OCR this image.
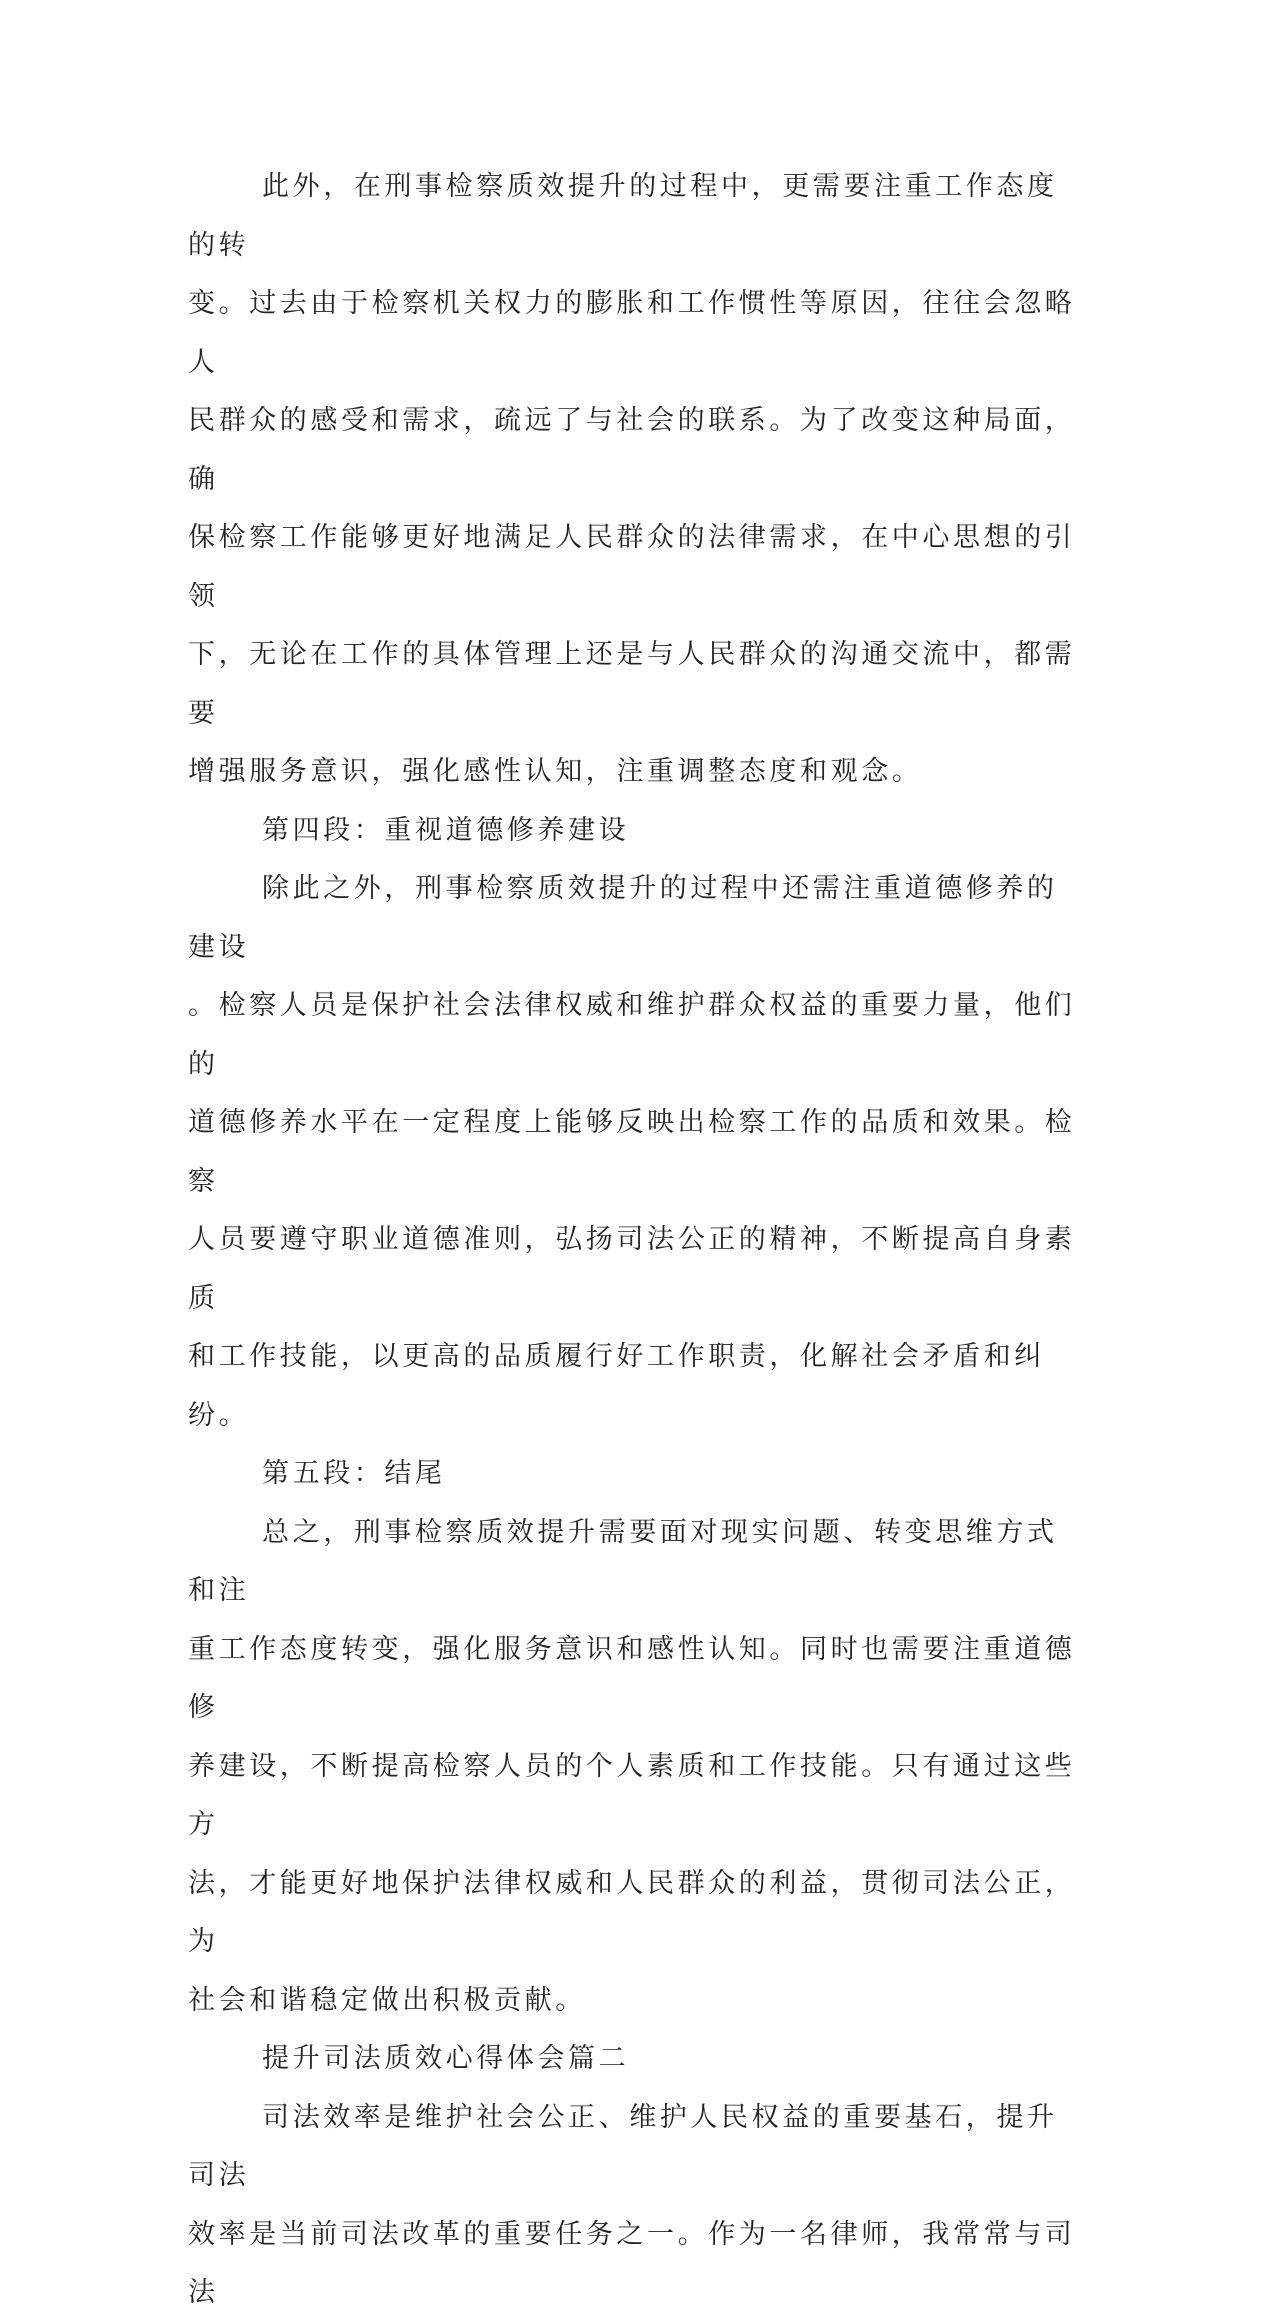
此外，在刑事检察质效提升的过程中，更需要注重工作态度的转
变。过去由于检察机关权力的膨胀和工作惯性等原因，往往会忽略人
民群众的感受和需求，疏远了与社会的联系。为了改变这种局面，确
保检察工作能够更好地满足人民群众的法律需求，在中心思想的引领
下，无论在工作的具体管理上还是与人民群众的沟通交流中，都需要
增强服务意识，强化感性认知，注重调整态度和观念。

第四段：重视道德修养建设

除此之外，刑事检察质效提升的过程中还需注重道德修养的建设
。检察人员是保护社会法律权威和维护群众权益的重要力量，他们的
道德修养水平在一定程度上能够反映出检察工作的品质和效果。检察
人员要遵守职业道德准则，弘扬司法公正的精神，不断提高自身素质
和工作技能，以更高的品质履行好工作职责，化解社会矛盾和纠纷。

第五段：结尾

总之，刑事检察质效提升需要面对现实问题、转变思维方式和注
重工作态度转变，强化服务意识和感性认知。同时也需要注重道德修
养建设，不断提高检察人员的个人素质和工作技能。只有通过这些方
法，才能更好地保护法律权威和人民群众的利益，贯彻司法公正，为
社会和谐稳定做出积极贡献。

提升司法质效心得体会篇二

司法效率是维护社会公正、维护人民权益的重要基石，提升司法
效率是当前司法改革的重要任务之一。作为一名律师，我常常与司法
